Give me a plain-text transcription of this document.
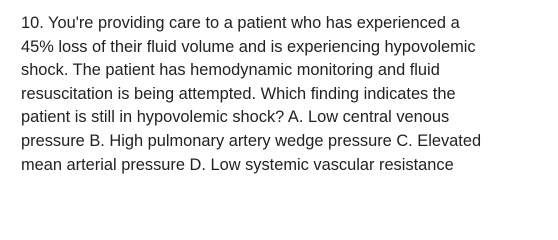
10. You're providing care to a patient who has experienced a
45% loss of their fluid volume and is experiencing hypovolemic
shock. The patient has hemodynamic monitoring and fluid
resuscitation is being attempted. Which finding indicates the
patient is still in hypovolemic shock? A. Low central venous
pressure B. High pulmonary artery wedge pressure C. Elevated
mean arterial pressure D. Low systemic vascular resistance
